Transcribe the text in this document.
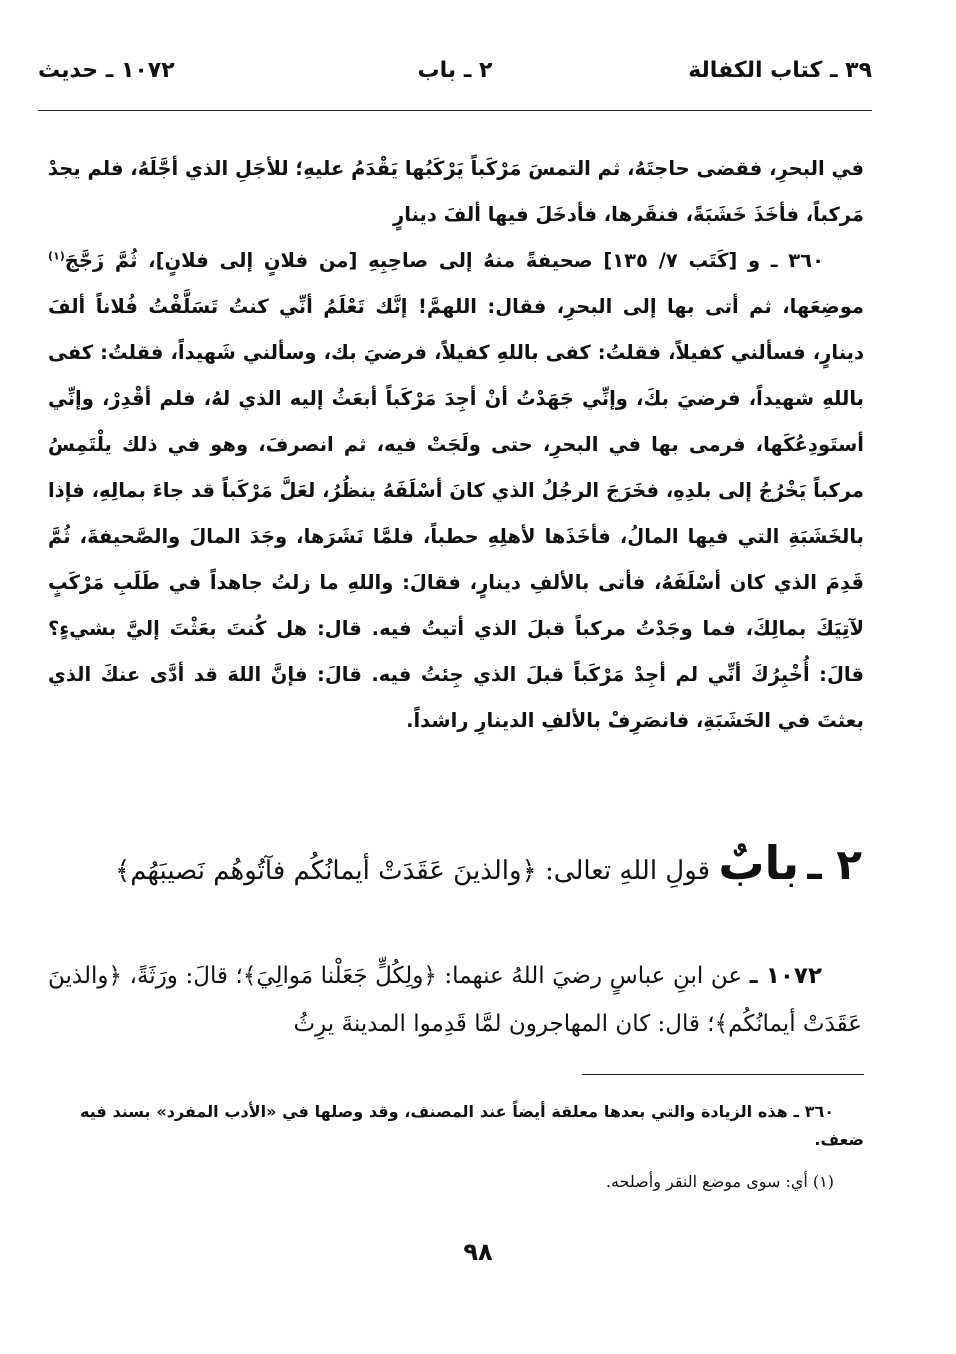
٣٩ ـ كتاب الكفالة
٢ ـ باب
١٠٧٢ ـ حديث

في البحرِ، فقضى حاجتَهُ، ثم التمسَ مَرْكَباً يَرْكَبُها يَقْدَمُ عليهِ؛ للأجَلِ الذي أجَّلَهُ، فلم يجدْ مَركباً، فأخَذَ خَشَبَةً، فنقَرها، فأدخَلَ فيها ألفَ دينارٍ

٣٦٠ ـ و [كَتَب ٧/ ١٣٥] صحيفةً منهُ إلى صاحِبِهِ [من فلانٍ إلى فلانٍ]، ثُمَّ زَجَّجَ$^{(١)}$ موضِعَها، ثم أتى بها إلى البحرِ، فقال: اللهمَّ! إنَّك تَعْلَمُ أنِّي كنتُ تَسَلَّفْتُ فُلاناً ألفَ دينارٍ، فسألني كفيلاً، فقلتُ: كفى باللهِ كفيلاً، فرضيَ بك، وسألني شَهيداً، فقلتُ: كفى باللهِ شهيداً، فرضيَ بكَ، وإنِّي جَهَدْتُ أنْ أجِدَ مَرْكَباً أبعَثُ إليه الذي لهُ، فلم أقْدِرْ، وإنِّي أستَودِعُكَها، فرمى بها في البحرِ، حتى ولَجَتْ فيه، ثم انصرفَ، وهو في ذلك يلْتَمِسُ مركباً يَخْرُجُ إلى بلدِهِ، فخَرَجَ الرجُلُ الذي كانَ أسْلَفَهُ ينظُرُ، لعَلَّ مَرْكَباً قد جاءَ بمالِهِ، فإذا بالخَشَبَةِ التي فيها المالُ، فأخَذَها لأهلِهِ حطباً، فلمَّا نَشَرَها، وجَدَ المالَ والصَّحيفةَ، ثُمَّ قَدِمَ الذي كان أسْلَفَهُ، فأتى بالألفِ دينارٍ، فقالَ: واللهِ ما زلتُ جاهداً في طَلَبِ مَرْكَبٍ لآتِيَكَ بمالِكَ، فما وجَدْتُ مركباً قبلَ الذي أتيتُ فيه. قال: هل كُنتَ بعَثْتَ إليَّ بشيءٍ؟ قالَ: أُخْبِرُكَ أنِّي لم أجِدْ مَرْكَباً قبلَ الذي جِئتُ فيه. قالَ: فإنَّ اللهَ قد أدَّى عنكَ الذي بعثتَ في الخَشَبَةِ، فانصَرِفْ بالألفِ الدينارِ راشداً.

٢ ـ بابٌ قولِ اللهِ تعالى: ﴿والذينَ عَقَدَتْ أيمانُكُم فآتُوهُم نَصيبَهُم﴾

١٠٧٢ ـ عن ابنِ عباسٍ رضيَ اللهُ عنهما: ﴿ولِكُلٍّ جَعَلْنا مَوالِيَ﴾؛ قالَ: ورَثَةً، ﴿والذينَ عَقَدَتْ أيمانُكُم﴾؛ قال: كان المهاجرون لمَّا قَدِموا المدينةَ يرِثُ

٣٦٠ ـ هذه الزيادة والتي بعدها معلقة أيضاً عند المصنف، وقد وصلها في «الأدب المفرد» بسند فيه ضعف.

(١) أي: سوى موضع النقر وأصلحه.

٩٨
